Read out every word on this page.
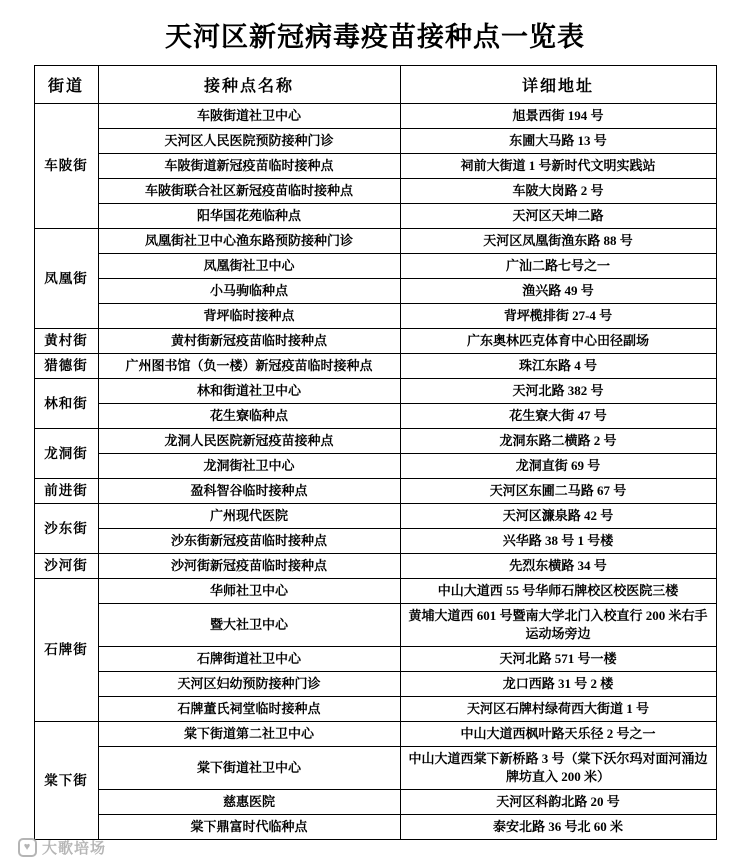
天河区新冠病毒疫苗接种点一览表
街道	接种点名称	详细地址
车陂街	车陂街道社卫中心	旭景西街 194 号
	天河区人民医院预防接种门诊	东圃大马路 13 号
	车陂街道新冠疫苗临时接种点	祠前大街道 1 号新时代文明实践站
	车陂街联合社区新冠疫苗临时接种点	车陂大岗路 2 号
	阳华国花苑临种点	天河区天坤二路
凤凰街	凤凰街社卫中心渔东路预防接种门诊	天河区凤凰街渔东路 88 号
	凤凰街社卫中心	广汕二路七号之一
	小马驹临种点	渔兴路 49 号
	背坪临时接种点	背坪榄排街 27-4 号
黄村街	黄村街新冠疫苗临时接种点	广东奥林匹克体育中心田径副场
猎德街	广州图书馆（负一楼）新冠疫苗临时接种点	珠江东路 4 号
林和街	林和街道社卫中心	天河北路 382 号
	花生寮临种点	花生寮大街 47 号
龙洞街	龙洞人民医院新冠疫苗接种点	龙洞东路二横路 2 号
	龙洞街社卫中心	龙洞直街 69 号
前进街	盈科智谷临时接种点	天河区东圃二马路 67 号
沙东街	广州现代医院	天河区濂泉路 42 号
	沙东街新冠疫苗临时接种点	兴华路 38 号 1 号楼
沙河街	沙河街新冠疫苗临时接种点	先烈东横路 34 号
石牌街	华师社卫中心	中山大道西 55 号华师石牌校区校医院三楼
	暨大社卫中心	黄埔大道西 601 号暨南大学北门入校直行 200 米右手运动场旁边
	石牌街道社卫中心	天河北路 571 号一楼
	天河区妇幼预防接种门诊	龙口西路 31 号 2 楼
	石牌董氏祠堂临时接种点	天河区石牌村绿荷西大街道 1 号
棠下街	棠下街道第二社卫中心	中山大道西枫叶路天乐径 2 号之一
	棠下街道社卫中心	中山大道西棠下新桥路 3 号（棠下沃尔玛对面河涌边牌坊直入 200 米）
	慈惠医院	天河区科韵北路 20 号
	棠下鼎富时代临种点	泰安北路 36 号北 60 米
♥ 大歌培场
